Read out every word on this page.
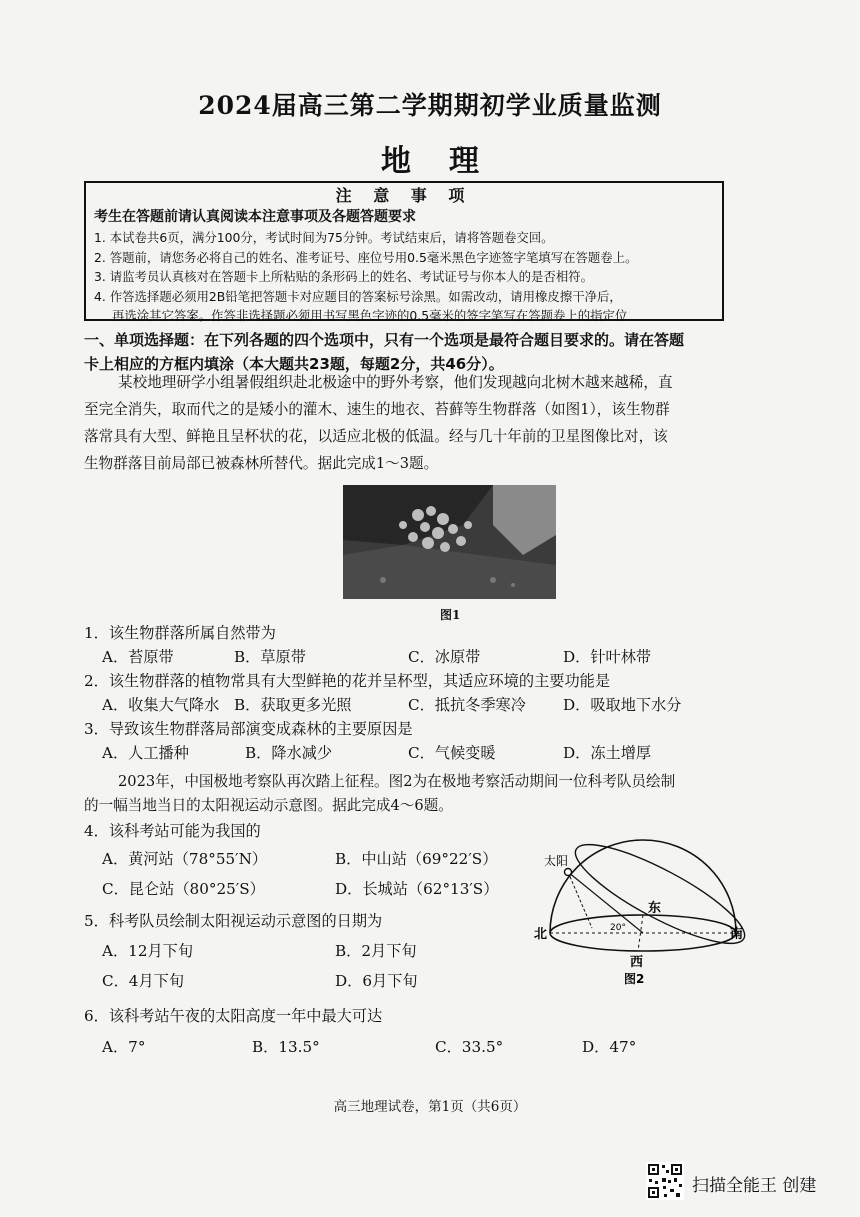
2024届高三第二学期期初学业质量监测
地理
注 意 事 项
考生在答题前请认真阅读本注意事项及各题答题要求
1. 本试卷共6页，满分100分，考试时间为75分钟。考试结束后，请将答题卷交回。
2. 答题前，请您务必将自己的姓名、准考证号、座位号用0.5毫米黑色字迹签字笔填写在答题卷上。
3. 请监考员认真核对在答题卡上所粘贴的条形码上的姓名、考试证号与你本人的是否相符。
4. 作答选择题必须用2B铅笔把答题卡对应题目的答案标号涂黑。如需改动，请用橡皮擦干净后，
再选涂其它答案。作答非选择题必须用书写黑色字迹的0.5毫米的签字笔写在答题卷上的指定位
一、单项选择题：在下列各题的四个选项中，只有一个选项是最符合题目要求的。请在答题
卡上相应的方框内填涂（本大题共23题，每题2分，共46分）。
某校地理研学小组暑假组织赴北极途中的野外考察，他们发现越向北树木越来越稀，直
至完全消失，取而代之的是矮小的灌木、速生的地衣、苔藓等生物群落（如图1），该生物群
落常具有大型、鲜艳且呈杯状的花，以适应北极的低温。经与几十年前的卫星图像比对，该
生物群落目前局部已被森林所替代。据此完成1～3题。
图1
1．该生物群落所属自然带为
A．苔原带	B．草原带	C．冰原带	D．针叶林带
2．该生物群落的植物常具有大型鲜艳的花并呈杯型，其适应环境的主要功能是
A．收集大气降水 B．获取更多光照	C．抵抗冬季寒冷 D．吸取地下水分
3．导致该生物群落局部演变成森林的主要原因是
A．人工播种	B．降水减少	C．气候变暖	D．冻土增厚
2023年，中国极地考察队再次踏上征程。图2为在极地考察活动期间一位科考队员绘制
的一幅当地当日的太阳视运动示意图。据此完成4～6题。
4．该科考站可能为我国的
A．黄河站（78°55′N）	B．中山站（69°22′S）
C．昆仑站（80°25′S）	D．长城站（62°13′S）
5．科考队员绘制太阳视运动示意图的日期为
A．12月下旬	B．2月下旬
C．4月下旬	D．6月下旬
6．该科考站午夜的太阳高度一年中最大可达
A．7°	B．13.5°	C．33.5°	D．47°
太阳
东
20°
北	南
西
图2
高三地理试卷，第1页（共6页）
扫描全能王 创建
